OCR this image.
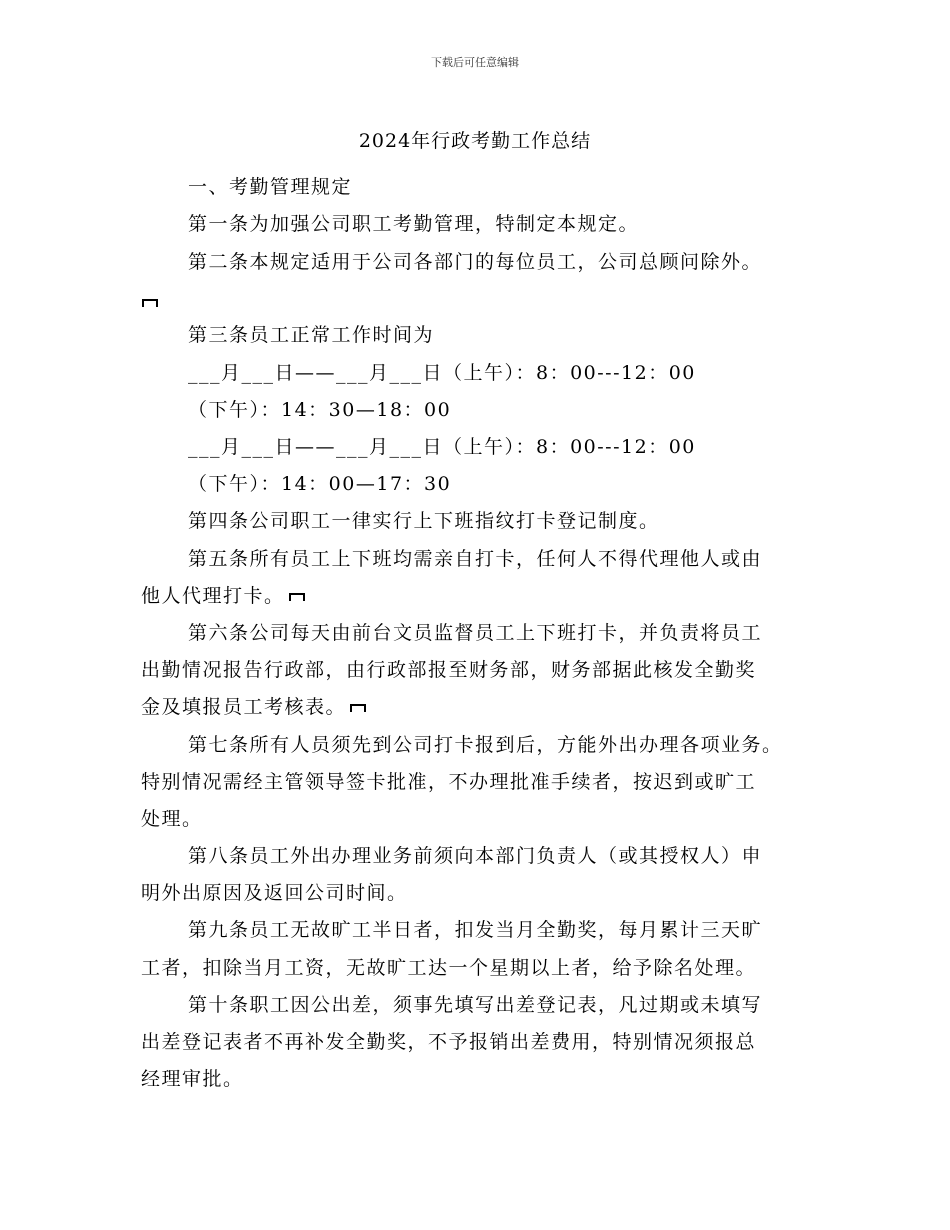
下载后可任意编辑
2024年行政考勤工作总结
一、考勤管理规定
第一条为加强公司职工考勤管理，特制定本规定。
第二条本规定适用于公司各部门的每位员工，公司总顾问除外。
第三条员工正常工作时间为
___月___日——___月___日（上午）：8：00---12：00
（下午）：14：30—18：00
___月___日——___月___日（上午）：8：00---12：00
（下午）：14：00—17：30
第四条公司职工一律实行上下班指纹打卡登记制度。
第五条所有员工上下班均需亲自打卡，任何人不得代理他人或由
他人代理打卡。
第六条公司每天由前台文员监督员工上下班打卡，并负责将员工
出勤情况报告行政部，由行政部报至财务部，财务部据此核发全勤奖
金及填报员工考核表。
第七条所有人员须先到公司打卡报到后，方能外出办理各项业务。
特别情况需经主管领导签卡批准，不办理批准手续者，按迟到或旷工
处理。
第八条员工外出办理业务前须向本部门负责人（或其授权人）申
明外出原因及返回公司时间。
第九条员工无故旷工半日者，扣发当月全勤奖，每月累计三天旷
工者，扣除当月工资，无故旷工达一个星期以上者，给予除名处理。
第十条职工因公出差，须事先填写出差登记表，凡过期或未填写
出差登记表者不再补发全勤奖，不予报销出差费用，特别情况须报总
经理审批。
